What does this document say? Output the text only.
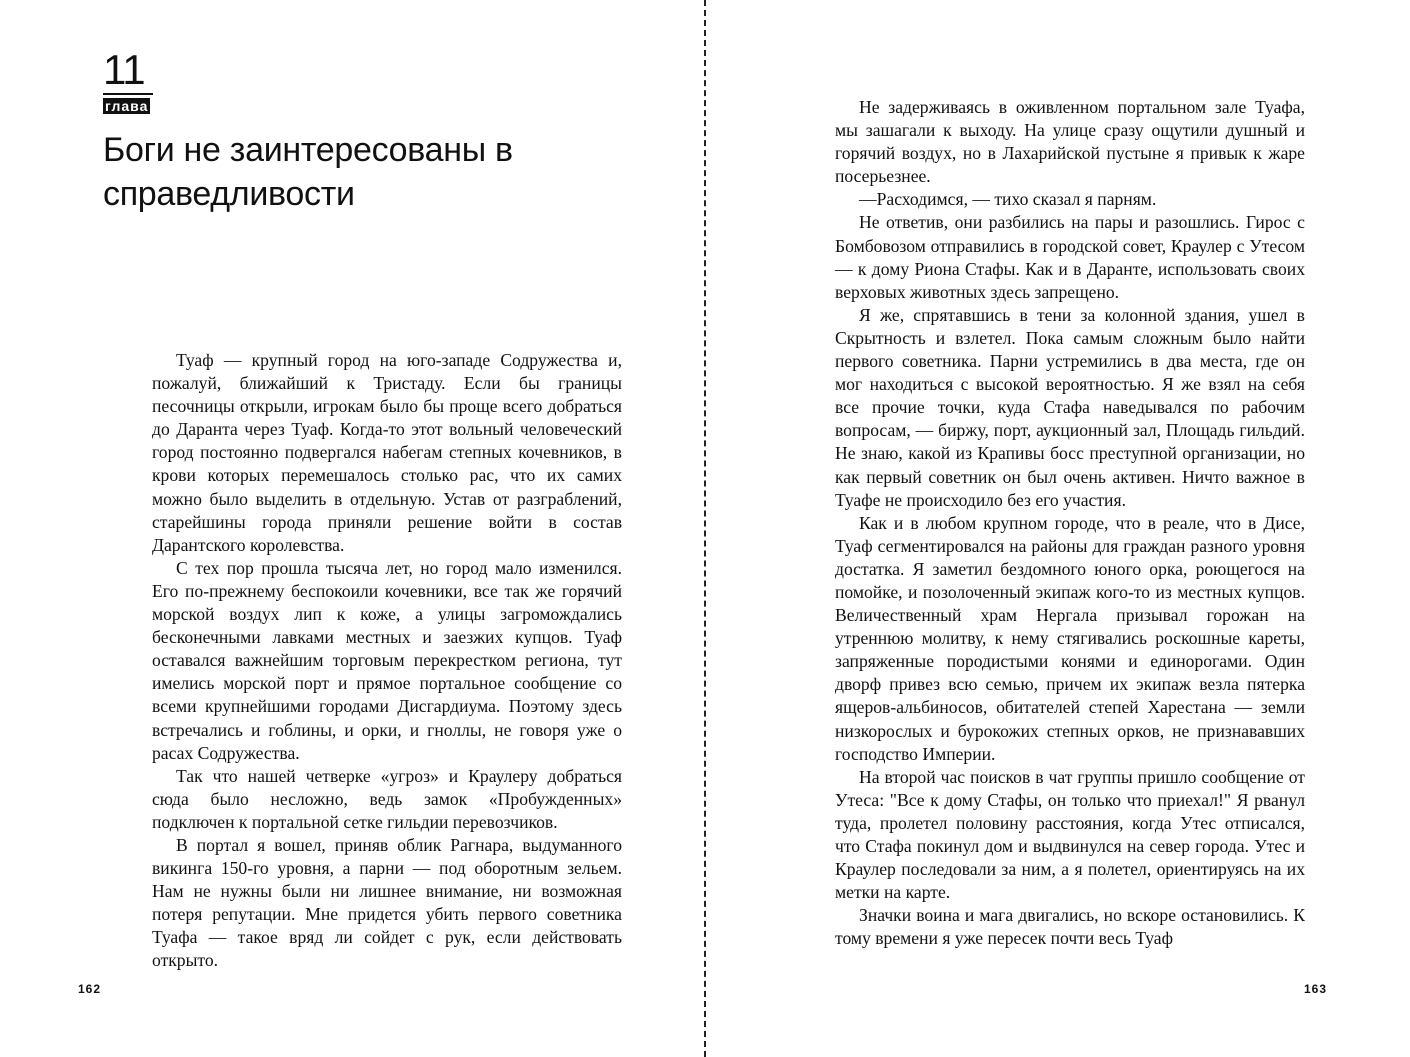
11
глава
Боги не заинтересованы в справедливости

Туаф — крупный город на юго-западе Содружества и, пожалуй, ближайший к Тристаду. Если бы границы песочницы открыли, игрокам было бы проще всего добраться до Даранта через Туаф. Когда-то этот вольный человеческий город постоянно подвергался набегам степных кочевников, в крови которых перемешалось столько рас, что их самих можно было выделить в отдельную. Устав от разграблений, старейшины города приняли решение войти в состав Дарантского королевства.

С тех пор прошла тысяча лет, но город мало изменился. Его по-прежнему беспокоили кочевники, все так же горячий морской воздух лип к коже, а улицы загромождались бесконечными лавками местных и заезжих купцов. Туаф оставался важнейшим торговым перекрестком региона, тут имелись морской порт и прямое портальное сообщение со всеми крупнейшими городами Дисгардиума. Поэтому здесь встречались и гоблины, и орки, и гноллы, не говоря уже о расах Содружества.

Так что нашей четверке «угроз» и Краулеру добраться сюда было несложно, ведь замок «Пробужденных» подключен к портальной сетке гильдии перевозчиков.

В портал я вошел, приняв облик Рагнара, выдуманного викинга 150-го уровня, а парни — под оборотным зельем. Нам не нужны были ни лишнее внимание, ни возможная потеря репутации. Мне придется убить первого советника Туафа — такое вряд ли сойдет с рук, если действовать открыто.

162

Не задерживаясь в оживленном портальном зале Туафа, мы зашагали к выходу. На улице сразу ощутили душный и горячий воздух, но в Лахарийской пустыне я привык к жаре посерьезнее.

—Расходимся, — тихо сказал я парням.

Не ответив, они разбились на пары и разошлись. Гирос с Бомбовозом отправились в городской совет, Краулер с Утесом — к дому Риона Стафы. Как и в Даранте, использовать своих верховых животных здесь запрещено.

Я же, спрятавшись в тени за колонной здания, ушел в Скрытность и взлетел. Пока самым сложным было найти первого советника. Парни устремились в два места, где он мог находиться с высокой вероятностью. Я же взял на себя все прочие точки, куда Стафа наведывался по рабочим вопросам, — биржу, порт, аукционный зал, Площадь гильдий. Не знаю, какой из Крапивы босс преступной организации, но как первый советник он был очень активен. Ничто важное в Туафе не происходило без его участия.

Как и в любом крупном городе, что в реале, что в Дисе, Туаф сегментировался на районы для граждан разного уровня достатка. Я заметил бездомного юного орка, роющегося на помойке, и позолоченный экипаж кого-то из местных купцов. Величественный храм Нергала призывал горожан на утреннюю молитву, к нему стягивались роскошные кареты, запряженные породистыми конями и единорогами. Один дворф привез всю семью, причем их экипаж везла пятерка ящеров-альбиносов, обитателей степей Харестана — земли низкорослых и бурокожих степных орков, не признававших господство Империи.

На второй час поисков в чат группы пришло сообщение от Утеса: "Все к дому Стафы, он только что приехал!" Я рванул туда, пролетел половину расстояния, когда Утес отписался, что Стафа покинул дом и выдвинулся на север города. Утес и Краулер последовали за ним, а я полетел, ориентируясь на их метки на карте.

Значки воина и мага двигались, но вскоре остановились. К тому времени я уже пересек почти весь Туаф

163
